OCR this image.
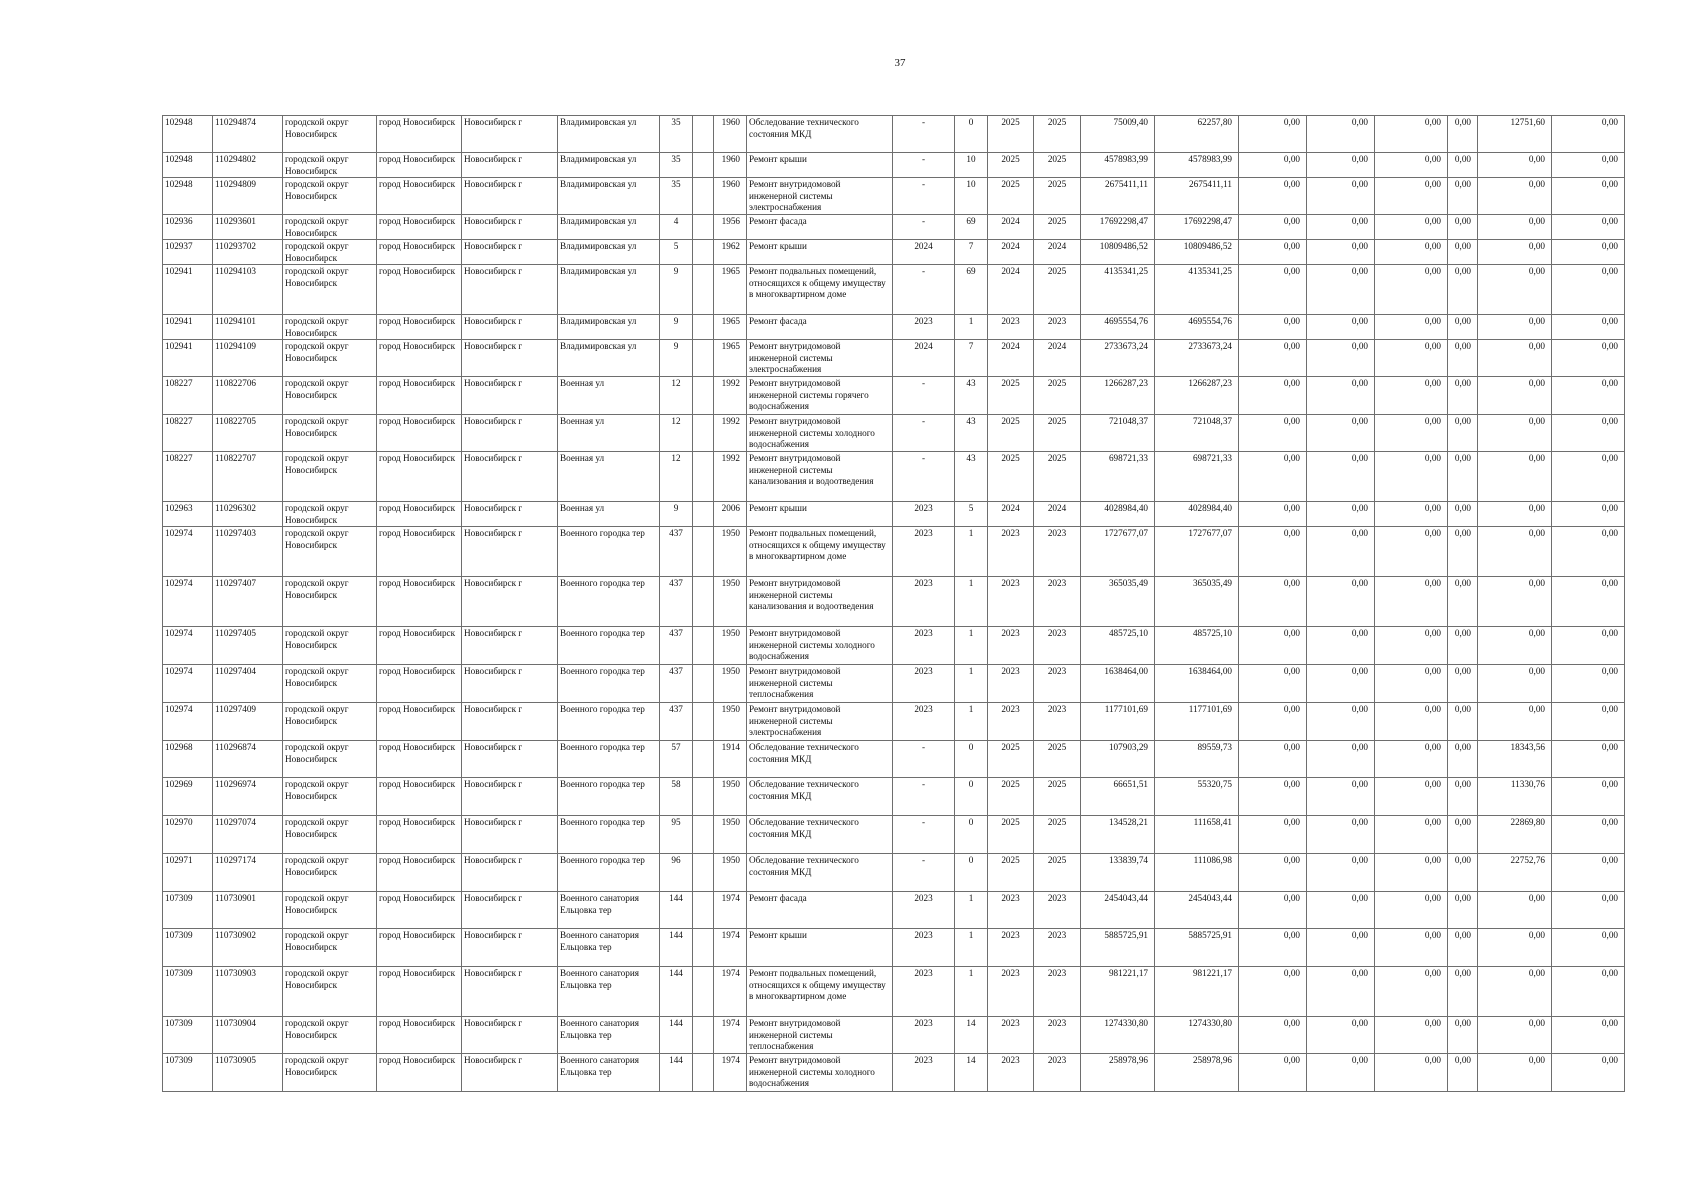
37
102948	110294874	городской округ Новосибирск	город Новосибирск	Новосибирск г	Владимировская ул	35		1960	Обследование технического состояния МКД	-	0	2025	2025	75009,40	62257,80	0,00	0,00	0,00	0,00	12751,60	0,00
102948	110294802	городской округ Новосибирск	город Новосибирск	Новосибирск г	Владимировская ул	35		1960	Ремонт крыши	-	10	2025	2025	4578983,99	4578983,99	0,00	0,00	0,00	0,00	0,00	0,00
102948	110294809	городской округ Новосибирск	город Новосибирск	Новосибирск г	Владимировская ул	35		1960	Ремонт внутридомовой инженерной системы электроснабжения	-	10	2025	2025	2675411,11	2675411,11	0,00	0,00	0,00	0,00	0,00	0,00
102936	110293601	городской округ Новосибирск	город Новосибирск	Новосибирск г	Владимировская ул	4		1956	Ремонт фасада	-	69	2024	2025	17692298,47	17692298,47	0,00	0,00	0,00	0,00	0,00	0,00
102937	110293702	городской округ Новосибирск	город Новосибирск	Новосибирск г	Владимировская ул	5		1962	Ремонт крыши	2024	7	2024	2024	10809486,52	10809486,52	0,00	0,00	0,00	0,00	0,00	0,00
102941	110294103	городской округ Новосибирск	город Новосибирск	Новосибирск г	Владимировская ул	9		1965	Ремонт подвальных помещений, относящихся к общему имуществу в многоквартирном доме	-	69	2024	2025	4135341,25	4135341,25	0,00	0,00	0,00	0,00	0,00	0,00
102941	110294101	городской округ Новосибирск	город Новосибирск	Новосибирск г	Владимировская ул	9		1965	Ремонт фасада	2023	1	2023	2023	4695554,76	4695554,76	0,00	0,00	0,00	0,00	0,00	0,00
102941	110294109	городской округ Новосибирск	город Новосибирск	Новосибирск г	Владимировская ул	9		1965	Ремонт внутридомовой инженерной системы электроснабжения	2024	7	2024	2024	2733673,24	2733673,24	0,00	0,00	0,00	0,00	0,00	0,00
108227	110822706	городской округ Новосибирск	город Новосибирск	Новосибирск г	Военная ул	12		1992	Ремонт внутридомовой инженерной системы горячего водоснабжения	-	43	2025	2025	1266287,23	1266287,23	0,00	0,00	0,00	0,00	0,00	0,00
108227	110822705	городской округ Новосибирск	город Новосибирск	Новосибирск г	Военная ул	12		1992	Ремонт внутридомовой инженерной системы холодного водоснабжения	-	43	2025	2025	721048,37	721048,37	0,00	0,00	0,00	0,00	0,00	0,00
108227	110822707	городской округ Новосибирск	город Новосибирск	Новосибирск г	Военная ул	12		1992	Ремонт внутридомовой инженерной системы канализования и водоотведения	-	43	2025	2025	698721,33	698721,33	0,00	0,00	0,00	0,00	0,00	0,00
102963	110296302	городской округ Новосибирск	город Новосибирск	Новосибирск г	Военная ул	9		2006	Ремонт крыши	2023	5	2024	2024	4028984,40	4028984,40	0,00	0,00	0,00	0,00	0,00	0,00
102974	110297403	городской округ Новосибирск	город Новосибирск	Новосибирск г	Военного городка тер	437		1950	Ремонт подвальных помещений, относящихся к общему имуществу в многоквартирном доме	2023	1	2023	2023	1727677,07	1727677,07	0,00	0,00	0,00	0,00	0,00	0,00
102974	110297407	городской округ Новосибирск	город Новосибирск	Новосибирск г	Военного городка тер	437		1950	Ремонт внутридомовой инженерной системы канализования и водоотведения	2023	1	2023	2023	365035,49	365035,49	0,00	0,00	0,00	0,00	0,00	0,00
102974	110297405	городской округ Новосибирск	город Новосибирск	Новосибирск г	Военного городка тер	437		1950	Ремонт внутридомовой инженерной системы холодного водоснабжения	2023	1	2023	2023	485725,10	485725,10	0,00	0,00	0,00	0,00	0,00	0,00
102974	110297404	городской округ Новосибирск	город Новосибирск	Новосибирск г	Военного городка тер	437		1950	Ремонт внутридомовой инженерной системы теплоснабжения	2023	1	2023	2023	1638464,00	1638464,00	0,00	0,00	0,00	0,00	0,00	0,00
102974	110297409	городской округ Новосибирск	город Новосибирск	Новосибирск г	Военного городка тер	437		1950	Ремонт внутридомовой инженерной системы электроснабжения	2023	1	2023	2023	1177101,69	1177101,69	0,00	0,00	0,00	0,00	0,00	0,00
102968	110296874	городской округ Новосибирск	город Новосибирск	Новосибирск г	Военного городка тер	57		1914	Обследование технического состояния МКД	-	0	2025	2025	107903,29	89559,73	0,00	0,00	0,00	0,00	18343,56	0,00
102969	110296974	городской округ Новосибирск	город Новосибирск	Новосибирск г	Военного городка тер	58		1950	Обследование технического состояния МКД	-	0	2025	2025	66651,51	55320,75	0,00	0,00	0,00	0,00	11330,76	0,00
102970	110297074	городской округ Новосибирск	город Новосибирск	Новосибирск г	Военного городка тер	95		1950	Обследование технического состояния МКД	-	0	2025	2025	134528,21	111658,41	0,00	0,00	0,00	0,00	22869,80	0,00
102971	110297174	городской округ Новосибирск	город Новосибирск	Новосибирск г	Военного городка тер	96		1950	Обследование технического состояния МКД	-	0	2025	2025	133839,74	111086,98	0,00	0,00	0,00	0,00	22752,76	0,00
107309	110730901	городской округ Новосибирск	город Новосибирск	Новосибирск г	Военного санатория Ельцовка тер	144		1974	Ремонт фасада	2023	1	2023	2023	2454043,44	2454043,44	0,00	0,00	0,00	0,00	0,00	0,00
107309	110730902	городской округ Новосибирск	город Новосибирск	Новосибирск г	Военного санатория Ельцовка тер	144		1974	Ремонт крыши	2023	1	2023	2023	5885725,91	5885725,91	0,00	0,00	0,00	0,00	0,00	0,00
107309	110730903	городской округ Новосибирск	город Новосибирск	Новосибирск г	Военного санатория Ельцовка тер	144		1974	Ремонт подвальных помещений, относящихся к общему имуществу в многоквартирном доме	2023	1	2023	2023	981221,17	981221,17	0,00	0,00	0,00	0,00	0,00	0,00
107309	110730904	городской округ Новосибирск	город Новосибирск	Новосибирск г	Военного санатория Ельцовка тер	144		1974	Ремонт внутридомовой инженерной системы теплоснабжения	2023	14	2023	2023	1274330,80	1274330,80	0,00	0,00	0,00	0,00	0,00	0,00
107309	110730905	городской округ Новосибирск	город Новосибирск	Новосибирск г	Военного санатория Ельцовка тер	144		1974	Ремонт внутридомовой инженерной системы холодного водоснабжения	2023	14	2023	2023	258978,96	258978,96	0,00	0,00	0,00	0,00	0,00	0,00
